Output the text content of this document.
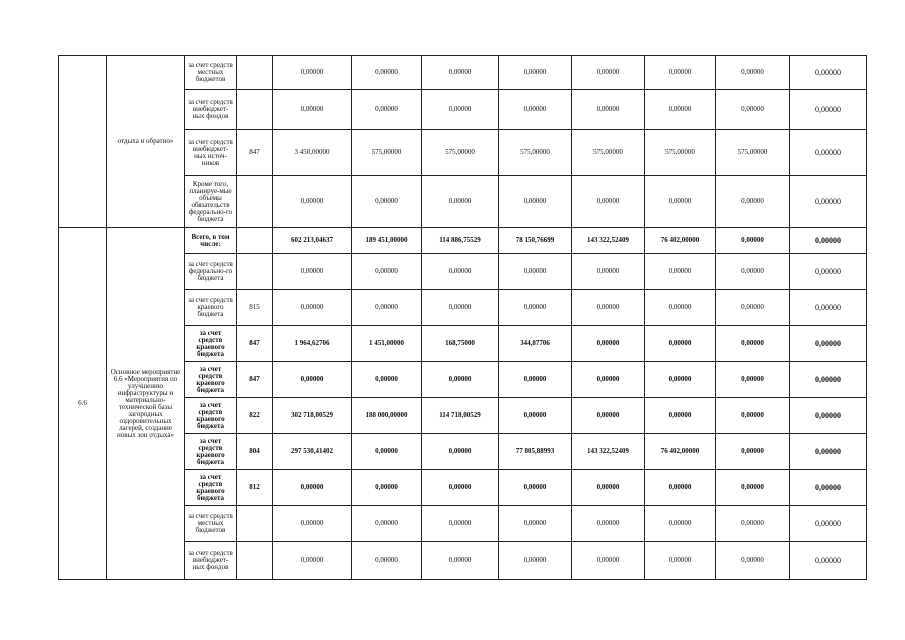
	отдыха и обратно»	за счет средств местных бюджетов		0,00000	0,00000	0,00000	0,00000	0,00000	0,00000	0,00000	0,00000
		за счет средств внебюджет-ных фондов		0,00000	0,00000	0,00000	0,00000	0,00000	0,00000	0,00000	0,00000
		за счет средств внебюджет-ных источ-ников	847	3 450,00000	575,00000	575,00000	575,00000	575,00000	575,00000	575,00000	0,00000
		Кроме того, планируе-мые объемы обязательств федерально-го бюджета		0,00000	0,00000	0,00000	0,00000	0,00000	0,00000	0,00000	0,00000
6.6	Основное мероприятие 6.6 «Мероприятия по улучшению инфраструктуры и материально-технической базы загородных оздоровительных лагерей, создание новых зон отдыха»	Всего, в том числе:		602 213,04637	189 451,00000	114 886,75529	78 150,76699	143 322,52409	76 402,00000	0,00000	0,00000
		за счет средств федерально-го бюджета		0,00000	0,00000	0,00000	0,00000	0,00000	0,00000	0,00000	0,00000
		за счет средств краевого бюджета	815	0,00000	0,00000	0,00000	0,00000	0,00000	0,00000	0,00000	0,00000
		за счет средств краевого бюджета	847	1 964,62706	1 451,00000	168,75000	344,87706	0,00000	0,00000	0,00000	0,00000
		за счет средств краевого бюджета	847	0,00000	0,00000	0,00000	0,00000	0,00000	0,00000	0,00000	0,00000
		за счет средств краевого бюджета	822	302 718,00529	188 000,00000	114 718,00529	0,00000	0,00000	0,00000	0,00000	0,00000
		за счет средств краевого бюджета	804	297 530,41402	0,00000	0,00000	77 805,88993	143 322,52409	76 402,00000	0,00000	0,00000
		за счет средств краевого бюджета	812	0,00000	0,00000	0,00000	0,00000	0,00000	0,00000	0,00000	0,00000
		за счет средств местных бюджетов		0,00000	0,00000	0,00000	0,00000	0,00000	0,00000	0,00000	0,00000
		за счет средств внебюджет-ных фондов		0,00000	0,00000	0,00000	0,00000	0,00000	0,00000	0,00000	0,00000
